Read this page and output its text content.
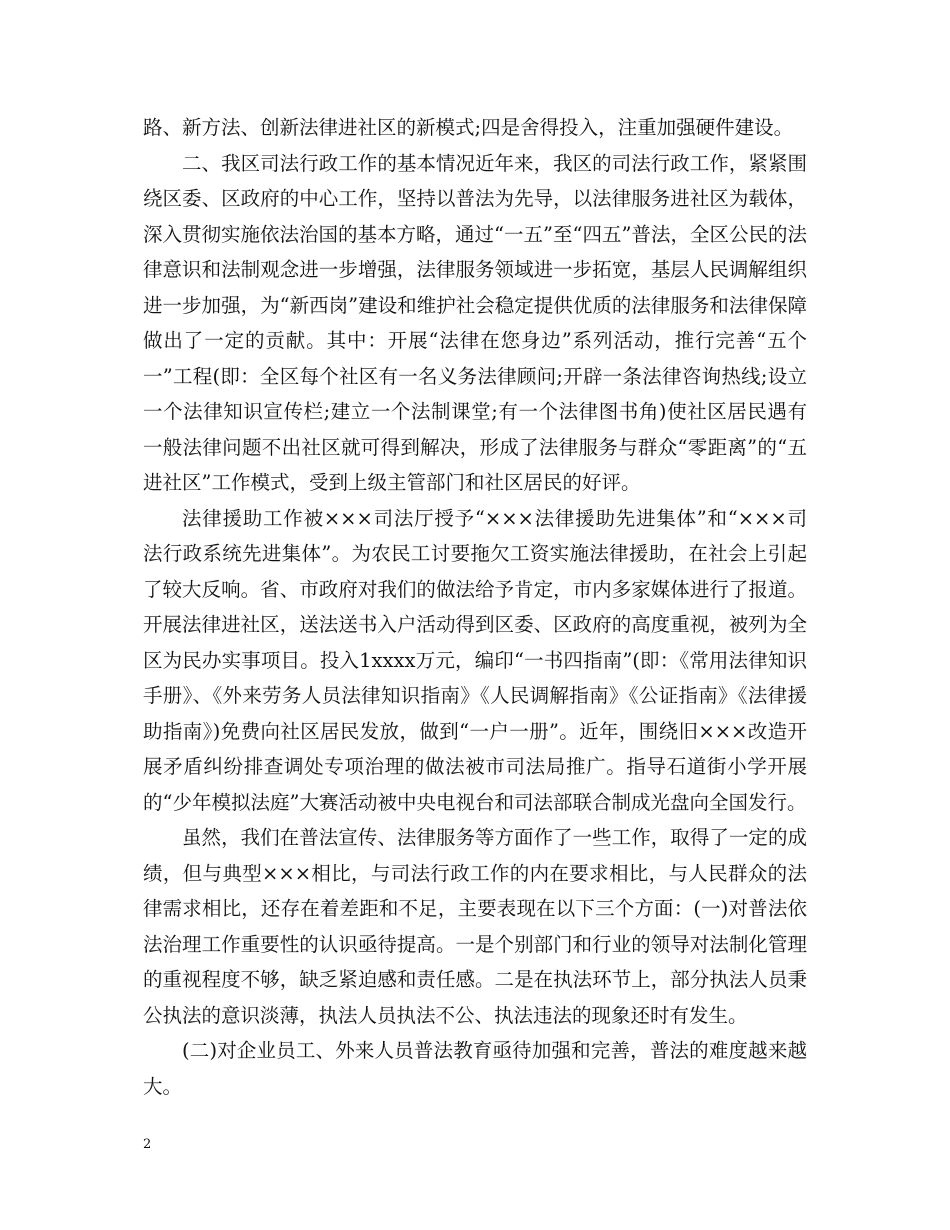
路、新方法、创新法律进社区的新模式;四是舍得投入，注重加强硬件建设。

二、我区司法行政工作的基本情况近年来，我区的司法行政工作，紧紧围绕区委、区政府的中心工作，坚持以普法为先导，以法律服务进社区为载体，深入贯彻实施依法治国的基本方略，通过“一五”至“四五”普法，全区公民的法律意识和法制观念进一步增强，法律服务领域进一步拓宽，基层人民调解组织进一步加强，为“新西岗”建设和维护社会稳定提供优质的法律服务和法律保障做出了一定的贡献。其中：开展“法律在您身边”系列活动，推行完善“五个一”工程(即：全区每个社区有一名义务法律顾问;开辟一条法律咨询热线;设立一个法律知识宣传栏;建立一个法制课堂;有一个法律图书角)使社区居民遇有一般法律问题不出社区就可得到解决，形成了法律服务与群众“零距离”的“五进社区”工作模式，受到上级主管部门和社区居民的好评。

法律援助工作被×××司法厅授予“×××法律援助先进集体”和“×××司法行政系统先进集体”。为农民工讨要拖欠工资实施法律援助，在社会上引起了较大反响。省、市政府对我们的做法给予肯定，市内多家媒体进行了报道。开展法律进社区，送法送书入户活动得到区委、区政府的高度重视，被列为全区为民办实事项目。投入1xxxx万元，编印“一书四指南”(即：《常用法律知识手册》、《外来劳务人员法律知识指南》《人民调解指南》《公证指南》《法律援助指南》)免费向社区居民发放，做到“一户一册”。近年，围绕旧×××改造开展矛盾纠纷排查调处专项治理的做法被市司法局推广。指导石道街小学开展的“少年模拟法庭”大赛活动被中央电视台和司法部联合制成光盘向全国发行。

虽然，我们在普法宣传、法律服务等方面作了一些工作，取得了一定的成绩，但与典型×××相比，与司法行政工作的内在要求相比，与人民群众的法律需求相比，还存在着差距和不足，主要表现在以下三个方面：(一)对普法依法治理工作重要性的认识亟待提高。一是个别部门和行业的领导对法制化管理的重视程度不够，缺乏紧迫感和责任感。二是在执法环节上，部分执法人员秉公执法的意识淡薄，执法人员执法不公、执法违法的现象还时有发生。

(二)对企业员工、外来人员普法教育亟待加强和完善，普法的难度越来越大。

2
